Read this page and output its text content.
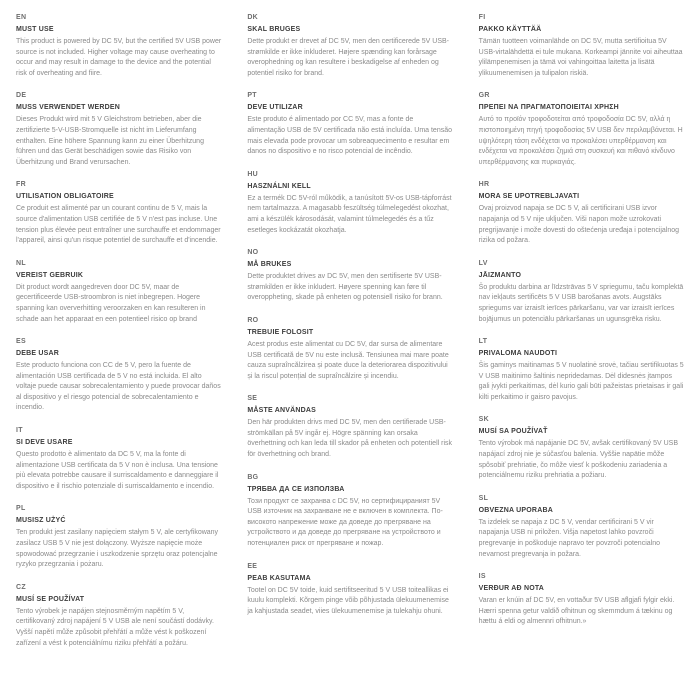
EN
MUST USE

This product is powered by DC 5V, but the certified 5V USB power source is not included. Higher voltage may cause overheating to occur and may result in damage to the device and the potential risk of overheating and fiire.

DE
MUSS VERWENDET WERDEN

Dieses Produkt wird mit 5 V Gleichstrom betrieben, aber die zertifizierte 5-V-USB-Stromquelle ist nicht im Lieferumfang enthalten. Eine höhere Spannung kann zu einer Überhitzung führen und das Gerät beschädigen sowie das Risiko von Überhitzung und Brand verursachen.

FR
UTILISATION OBLIGATOIRE

Ce produit est alimenté par un courant continu de 5 V, mais la source d'alimentation USB certifiée de 5 V n'est pas incluse. Une tension plus élevée peut entraîner une surchauffe et endommager l'appareil, ainsi qu'un risque potentiel de surchauffe et d'incendie.

NL
VEREIST GEBRUIK

Dit product wordt aangedreven door DC 5V, maar de gecertificeerde USB-stroombron is niet inbegrepen. Hogere spanning kan oververhitting veroorzaken en kan resulteren in schade aan het apparaat en een potentieel risico op brand

ES
DEBE USAR

Este producto funciona con CC de 5 V, pero la fuente de alimentación USB certificada de 5 V no está incluida. El alto voltaje puede causar sobrecalentamiento y puede provocar daños al dispositivo y el riesgo potencial de sobrecalentamiento e incendio.

IT
SI DEVE USARE

Questo prodotto è alimentato da DC 5 V, ma la fonte di alimentazione USB certificata da 5 V non è inclusa. Una tensione più elevata potrebbe causare il surriscaldamento e danneggiare il dispositivo e il rischio potenziale di surriscaldamento e incendio.

PL
MUSISZ UŻYĆ

Ten produkt jest zasilany napięciem stałym 5 V, ale certyfikowany zasilacz USB 5 V nie jest dołączony. Wyższe napięcie może spowodować przegrzanie i uszkodzenie sprzętu oraz potencjalne ryzyko przegrzania i pożaru.

CZ
MUSÍ SE POUŽÍVAT

Tento výrobek je napájen stejnosměrným napětím 5 V, certifikovaný zdroj napájení 5 V USB ale není součástí dodávky. Vyšší napětí může způsobit přehřátí a může vést k poškození zařízení a vést k potenciálnímu riziku přehřátí a požáru.

DK
SKAL BRUGES

Dette produkt er drevet af DC 5V, men den certificerede 5V USB-strømkilde er ikke inkluderet. Højere spænding kan forårsage overophedning og kan resultere i beskadigelse af enheden og potentiel risiko for brand.

PT
DEVE UTILIZAR

Este produto é alimentado por CC 5V, mas a fonte de alimentação USB de 5V certificada não está incluída. Uma tensão mais elevada pode provocar um sobreaquecimento e resultar em danos no dispositivo e no risco potencial de incêndio.

HU
HASZNÁLNI KELL

Ez a termék DC 5V-ról működik, a tanúsított 5V-os USB-tápforrást nem tartalmazza. A magasabb feszültség túlmelegedést okozhat, ami a készülék károsodását, valamint túlmelegedés és a tűz esetleges kockázatát okozhatja.

NO
MÅ BRUKES

Dette produktet drives av DC 5V, men den sertifiserte 5V USB-strømkilden er ikke inkludert. Høyere spenning kan føre til overoppheting, skade på enheten og potensiell risiko for brann.

RO
TREBUIE FOLOSIT

Acest produs este alimentat cu DC 5V, dar sursa de alimentare USB certificată de 5V nu este inclusă. Tensiunea mai mare poate cauza supraîncălzirea și poate duce la deteriorarea dispozitivului și la riscul potențial de supraîncălzire și incendiu.

SE
MÅSTE ANVÄNDAS

Den här produkten drivs med DC 5V, men den certifierade USB-strömkällan på 5V ingår ej. Högre spänning kan orsaka överhettning och kan leda till skador på enheten och potentiell risk för överhettning och brand.

BG
ТРЯБВА ДА СЕ ИЗПОЛЗВА

Този продукт се захранва с DC 5V, но сертифицираният 5V USB източник на захранване не е включен в комплекта. По-високото напрежение може да доведе до прегряване на устройството и да доведе до прегряване на устройството и потенциален риск от прегряване и пожар.

EE
PEAB KASUTAMA

Tootel on DC 5V toide, kuid sertifitseeritud 5 V USB toiteallikas ei kuulu komplekti. Kõrgem pinge võib põhjustada ülekuumenemise ja kahjustada seadet, viies ülekuumenemise ja tulekahju ohuni.

FI
PAKKO KÄYTTÄÄ

Tämän tuotteen voimanlähde on DC 5V, mutta sertifioitua 5V USB-virtalähdettä ei tule mukana. Korkeampi jännite voi aiheuttaa ylilämpenemisen ja tämä voi vahingoittaa laitetta ja lisätä ylikuumenemisen ja tulipalon riskiä.

GR
ΠΡΕΠΕΙ ΝΑ ΠΡΑΓΜΑΤΟΠΟΙΕΙΤΑΙ ΧΡΗΣΗ

Αυτό το προϊόν τροφοδοτείται από τροφοδοσία DC 5V, αλλά η πιστοποιημένη πηγή τροφοδοσίας 5V USB δεν περιλαμβάνεται. Η υψηλότερη τάση ενδέχεται να προκαλέσει υπερθέρμανση και ενδέχεται να προκαλέσει ζημιά στη συσκευή και πιθανό κίνδυνο υπερθέρμανσης και πυρκαγιάς.

HR
MORA SE UPOTREBLJAVATI

Ovaj proizvod napaja se DC 5 V, ali certificirani USB izvor napajanja od 5 V nije uključen. Viši napon može uzrokovati pregrijavanje i može dovesti do oštećenja uređaja i potencijalnog rizika od požara.

LV
JĀIZMANTO

Šo produktu darbina ar līdzstrāvas 5 V spriegumu, taču komplektā nav iekļauts sertificēts 5 V USB barošanas avots. Augstāks spriegums var izraisīt ierīces pārkaršanu, var var izraisīt ierīces bojājumus un potenciālu pārkaršanas un ugunsgrēka risku.

LT
PRIVALOMA NAUDOTI

Šis gaminys maitinamas 5 V nuolatinė srovė, tačiau sertifikuotas 5 V USB maitinimo šaltinis nepridedamas. Dėl didesnės įtampos gali įvykti perkaitimas, dėl kurio gali būti pažeistas prietaisas ir gali kilti perkaitimo ir gaisro pavojus.

SK
MUSÍ SA POUŽÍVAŤ

Tento výrobok má napájanie DC 5V, avšak certifikovaný 5V USB napájací zdroj nie je súčasťou balenia. Vyššie napätie môže spôsobiť prehriatie, čo môže viesť k poškodeniu zariadenia a potenciálnemu riziku prehriatia a požiaru.

SL
OBVEZNA UPORABA

Ta izdelek se napaja z DC 5 V, vendar certificirani 5 V vir napajanja USB ni priložen. Višja napetost lahko povzroči pregrevanje in poškoduje napravo ter povzroči potencialno nevarnost pregrevanja in požara.

IS
VERÐUR AÐ NOTA

Varan er knúin af DC 5V, en vottaður 5V USB aflgjafi fylgir ekki. Hærri spenna getur valdið ofhitnun og skemmdum á tækinu og hættu á eldi og almennri ofhitnun.»
